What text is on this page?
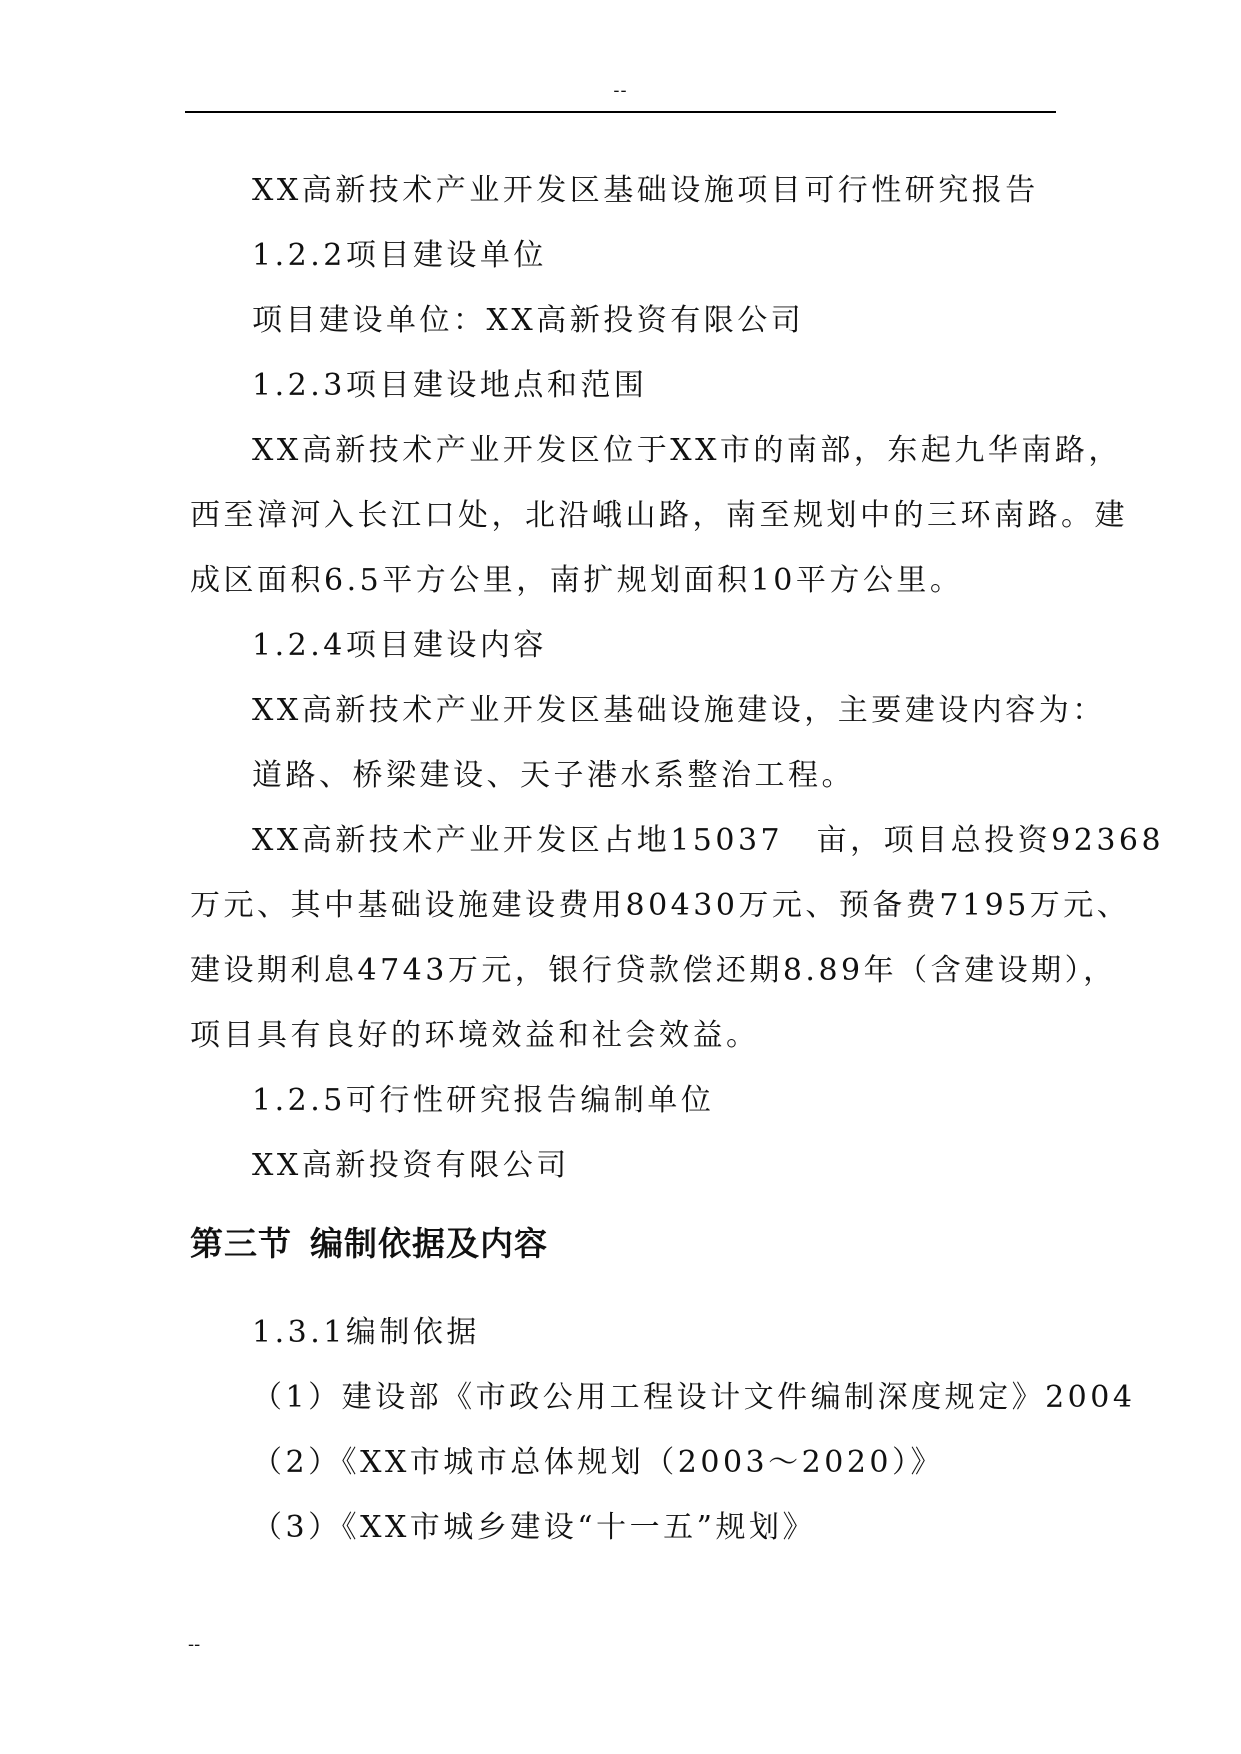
--
XX高新技术产业开发区基础设施项目可行性研究报告
1.2.2项目建设单位
项目建设单位：XX高新投资有限公司
1.2.3项目建设地点和范围
XX高新技术产业开发区位于XX市的南部，东起九华南路，
西至漳河入长江口处，北沿峨山路，南至规划中的三环南路。建
成区面积6.5平方公里，南扩规划面积10平方公里。
1.2.4项目建设内容
XX高新技术产业开发区基础设施建设，主要建设内容为：
道路、桥梁建设、天子港水系整治工程。
XX高新技术产业开发区占地15037　亩，项目总投资92368
万元、其中基础设施建设费用80430万元、预备费7195万元、
建设期利息4743万元，银行贷款偿还期8.89年（含建设期），
项目具有良好的环境效益和社会效益。
1.2.5可行性研究报告编制单位
XX高新投资有限公司
第三节 编制依据及内容
1.3.1编制依据
（1）建设部《市政公用工程设计文件编制深度规定》2004
（2）《XX市城市总体规划（2003～2020）》
（3）《XX市城乡建设“十一五”规划》
--
